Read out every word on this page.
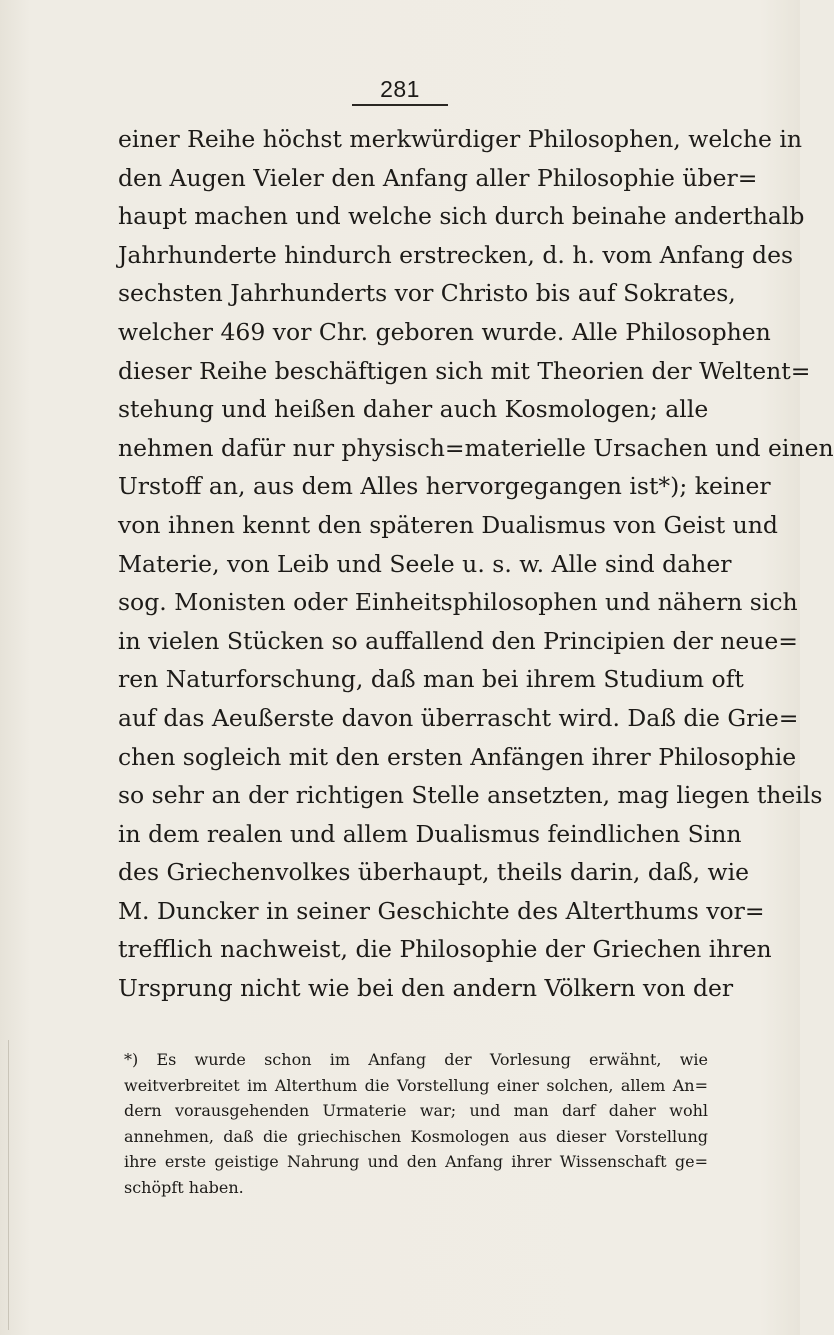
281
einer Reihe höchst merkwürdiger Philosophen, welche in
den Augen Vieler den Anfang aller Philosophie über=
haupt machen und welche sich durch beinahe anderthalb
Jahrhunderte hindurch erstrecken, d. h. vom Anfang des
sechsten Jahrhunderts vor Christo bis auf Sokrates,
welcher 469 vor Chr. geboren wurde. Alle Philosophen
dieser Reihe beschäftigen sich mit Theorien der Weltent=
stehung und heißen daher auch Kosmologen; alle
nehmen dafür nur physisch=materielle Ursachen und einen
Urstoff an, aus dem Alles hervorgegangen ist*); keiner
von ihnen kennt den späteren Dualismus von Geist und
Materie, von Leib und Seele u. s. w. Alle sind daher
sog. Monisten oder Einheitsphilosophen und nähern sich
in vielen Stücken so auffallend den Principien der neue=
ren Naturforschung, daß man bei ihrem Studium oft
auf das Aeußerste davon überrascht wird. Daß die Grie=
chen sogleich mit den ersten Anfängen ihrer Philosophie
so sehr an der richtigen Stelle ansetzten, mag liegen theils
in dem realen und allem Dualismus feindlichen Sinn
des Griechenvolkes überhaupt, theils darin, daß, wie
M. Duncker in seiner Geschichte des Alterthums vor=
trefflich nachweist, die Philosophie der Griechen ihren
Ursprung nicht wie bei den andern Völkern von der
*) Es wurde schon im Anfang der Vorlesung erwähnt, wie
weitverbreitet im Alterthum die Vorstellung einer solchen, allem An=
dern vorausgehenden Urmaterie war; und man darf daher wohl
annehmen, daß die griechischen Kosmologen aus dieser Vorstellung
ihre erste geistige Nahrung und den Anfang ihrer Wissenschaft ge=
schöpft haben.
